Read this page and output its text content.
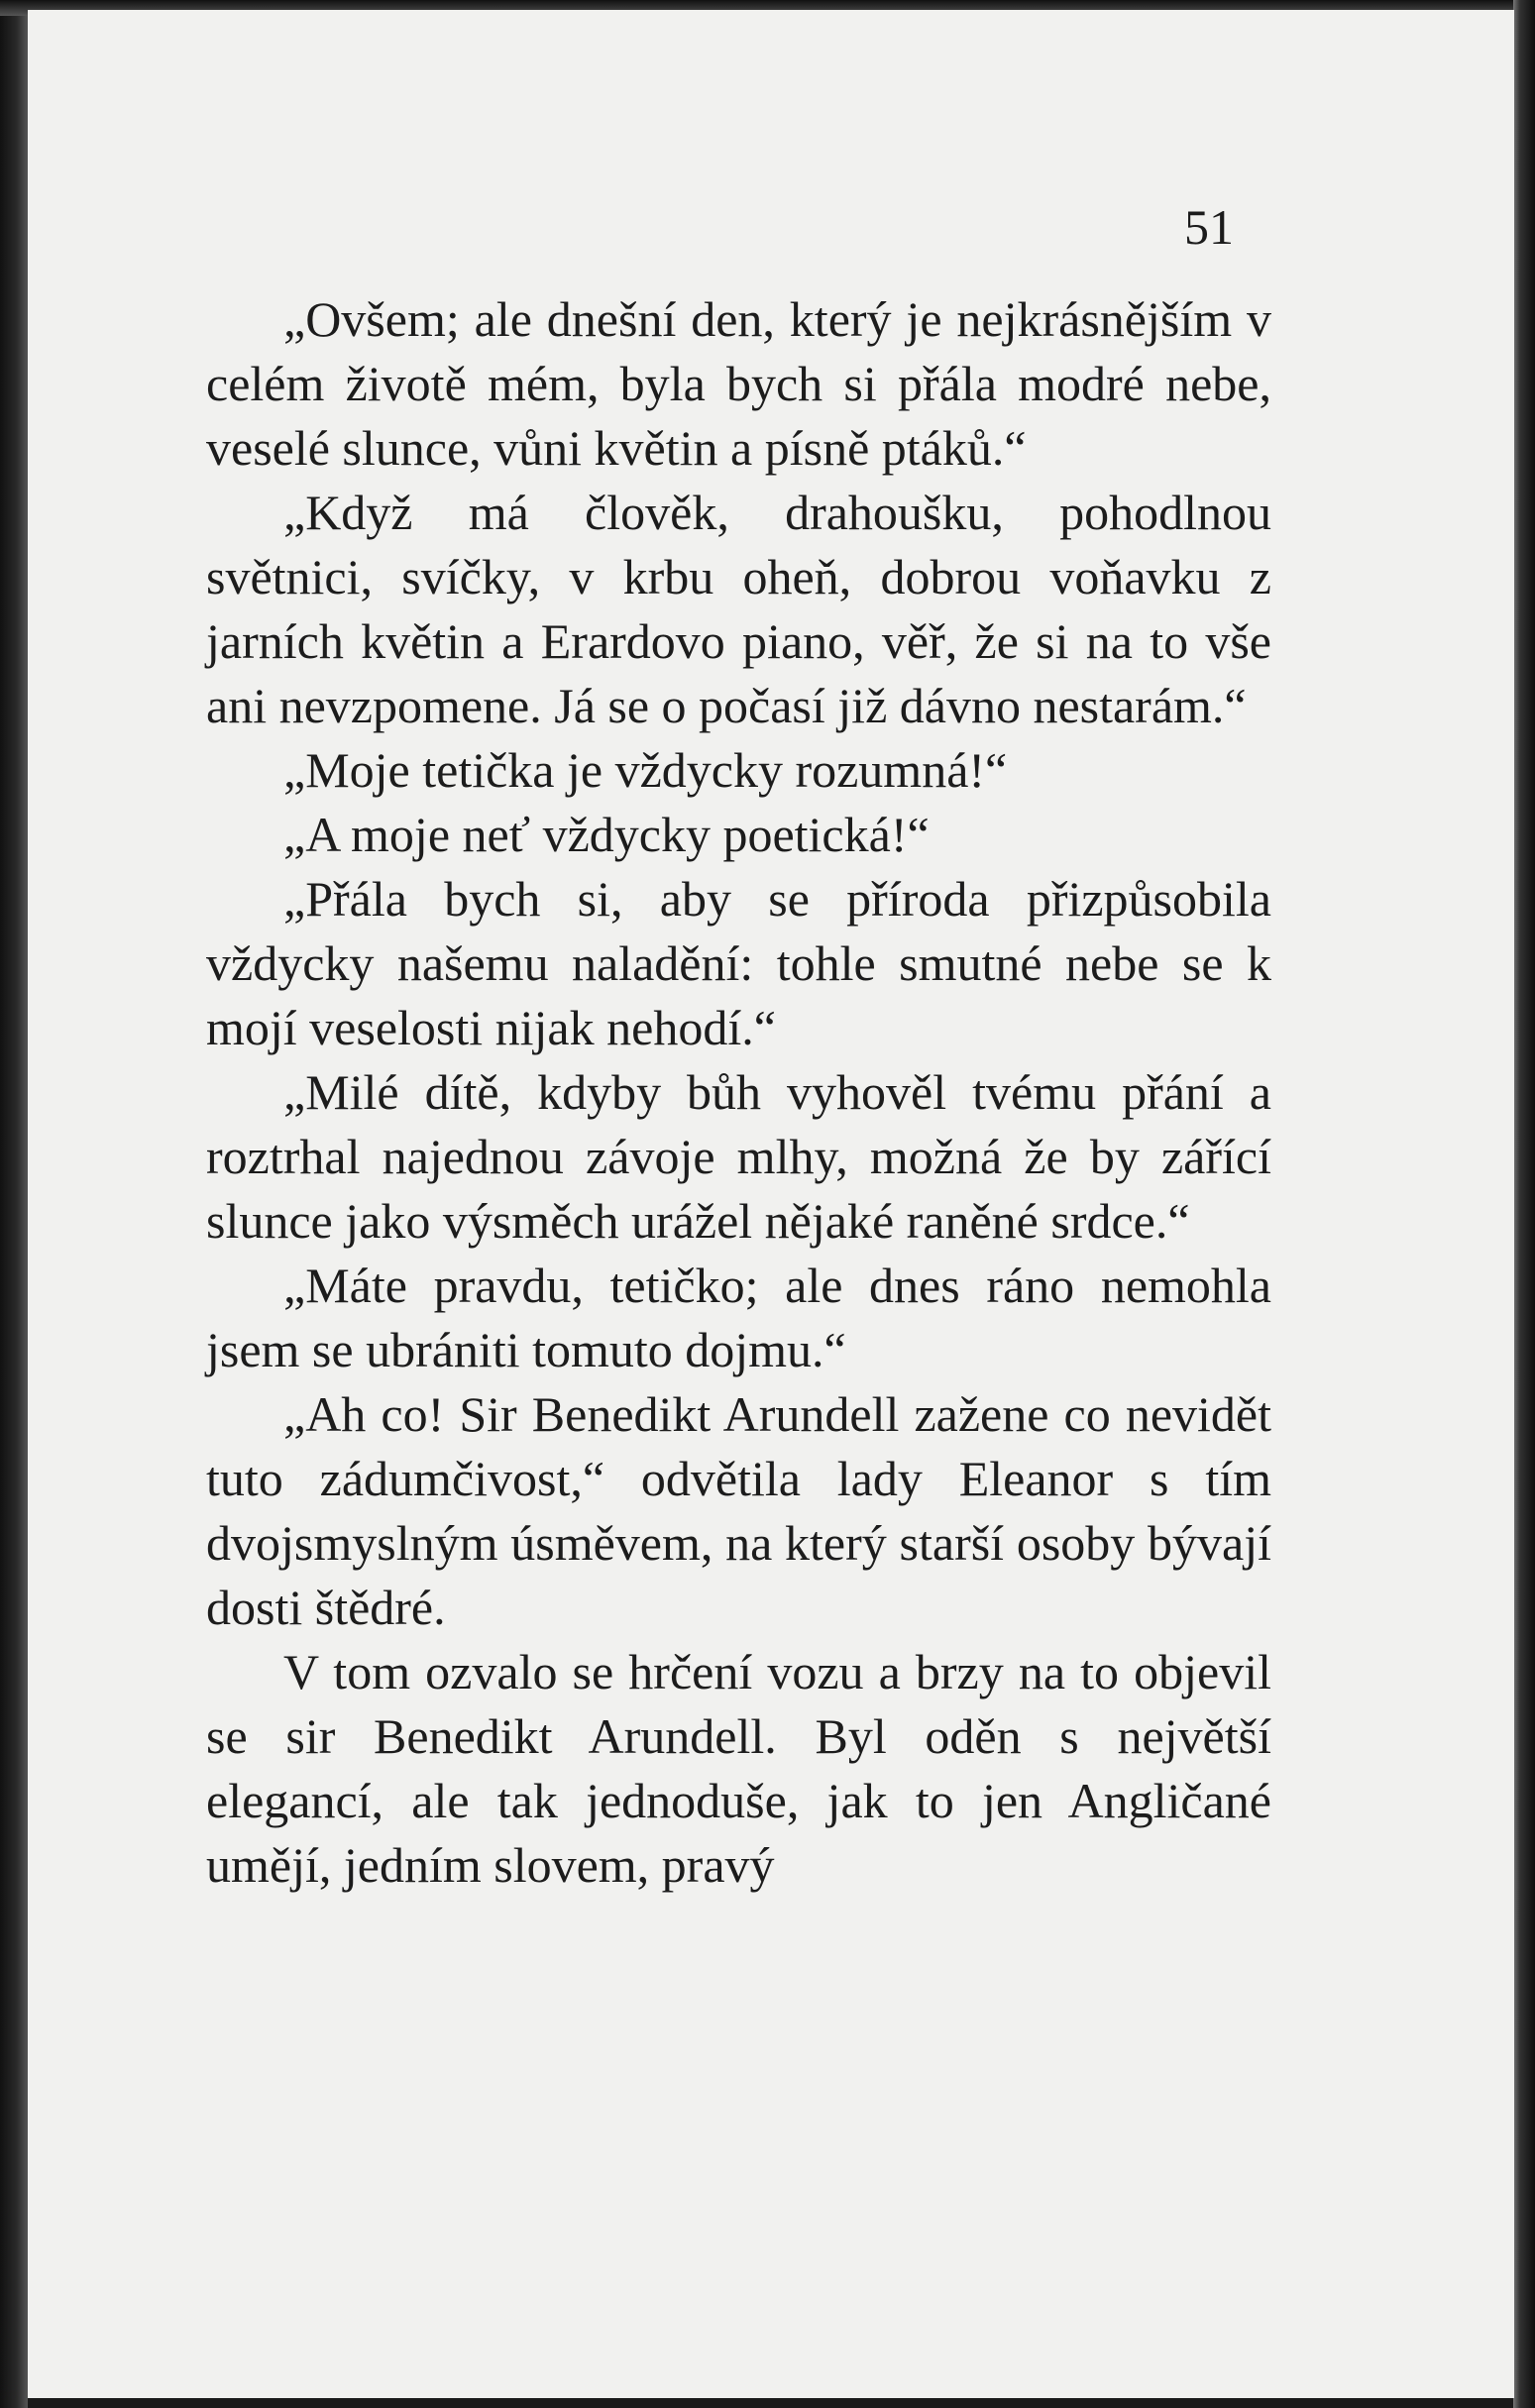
51

„Ovšem; ale dnešní den, který je nejkrásnějším v celém životě mém, byla bych si přála modré nebe, veselé slunce, vůni květin a písně ptáků.“

„Když má člověk, drahoušku, pohodlnou světnici, svíčky, v krbu oheň, dobrou voňavku z jarních květin a Erardovo piano, věř, že si na to vše ani nevzpomene. Já se o počasí již dávno nestarám.“

„Moje tetička je vždycky rozumná!“

„A moje neť vždycky poetická!“

„Přála bych si, aby se příroda přizpůsobila vždycky našemu naladění: tohle smutné nebe se k mojí veselosti nijak nehodí.“

„Milé dítě, kdyby bůh vyhověl tvému přání a roztrhal najednou závoje mlhy, možná že by zářící slunce jako výsměch urážel nějaké raněné srdce.“

„Máte pravdu, tetičko; ale dnes ráno nemohla jsem se ubrániti tomuto dojmu.“

„Ah co! Sir Benedikt Arundell zažene co nevidět tuto zádumčivost,“ odvětila lady Eleanor s tím dvojsmyslným úsměvem, na který starší osoby bývají dosti štědré.

V tom ozvalo se hrčení vozu a brzy na to objevil se sir Benedikt Arundell. Byl oděn s největší elegancí, ale tak jednoduše, jak to jen Angličané umějí, jedním slovem, pravý
